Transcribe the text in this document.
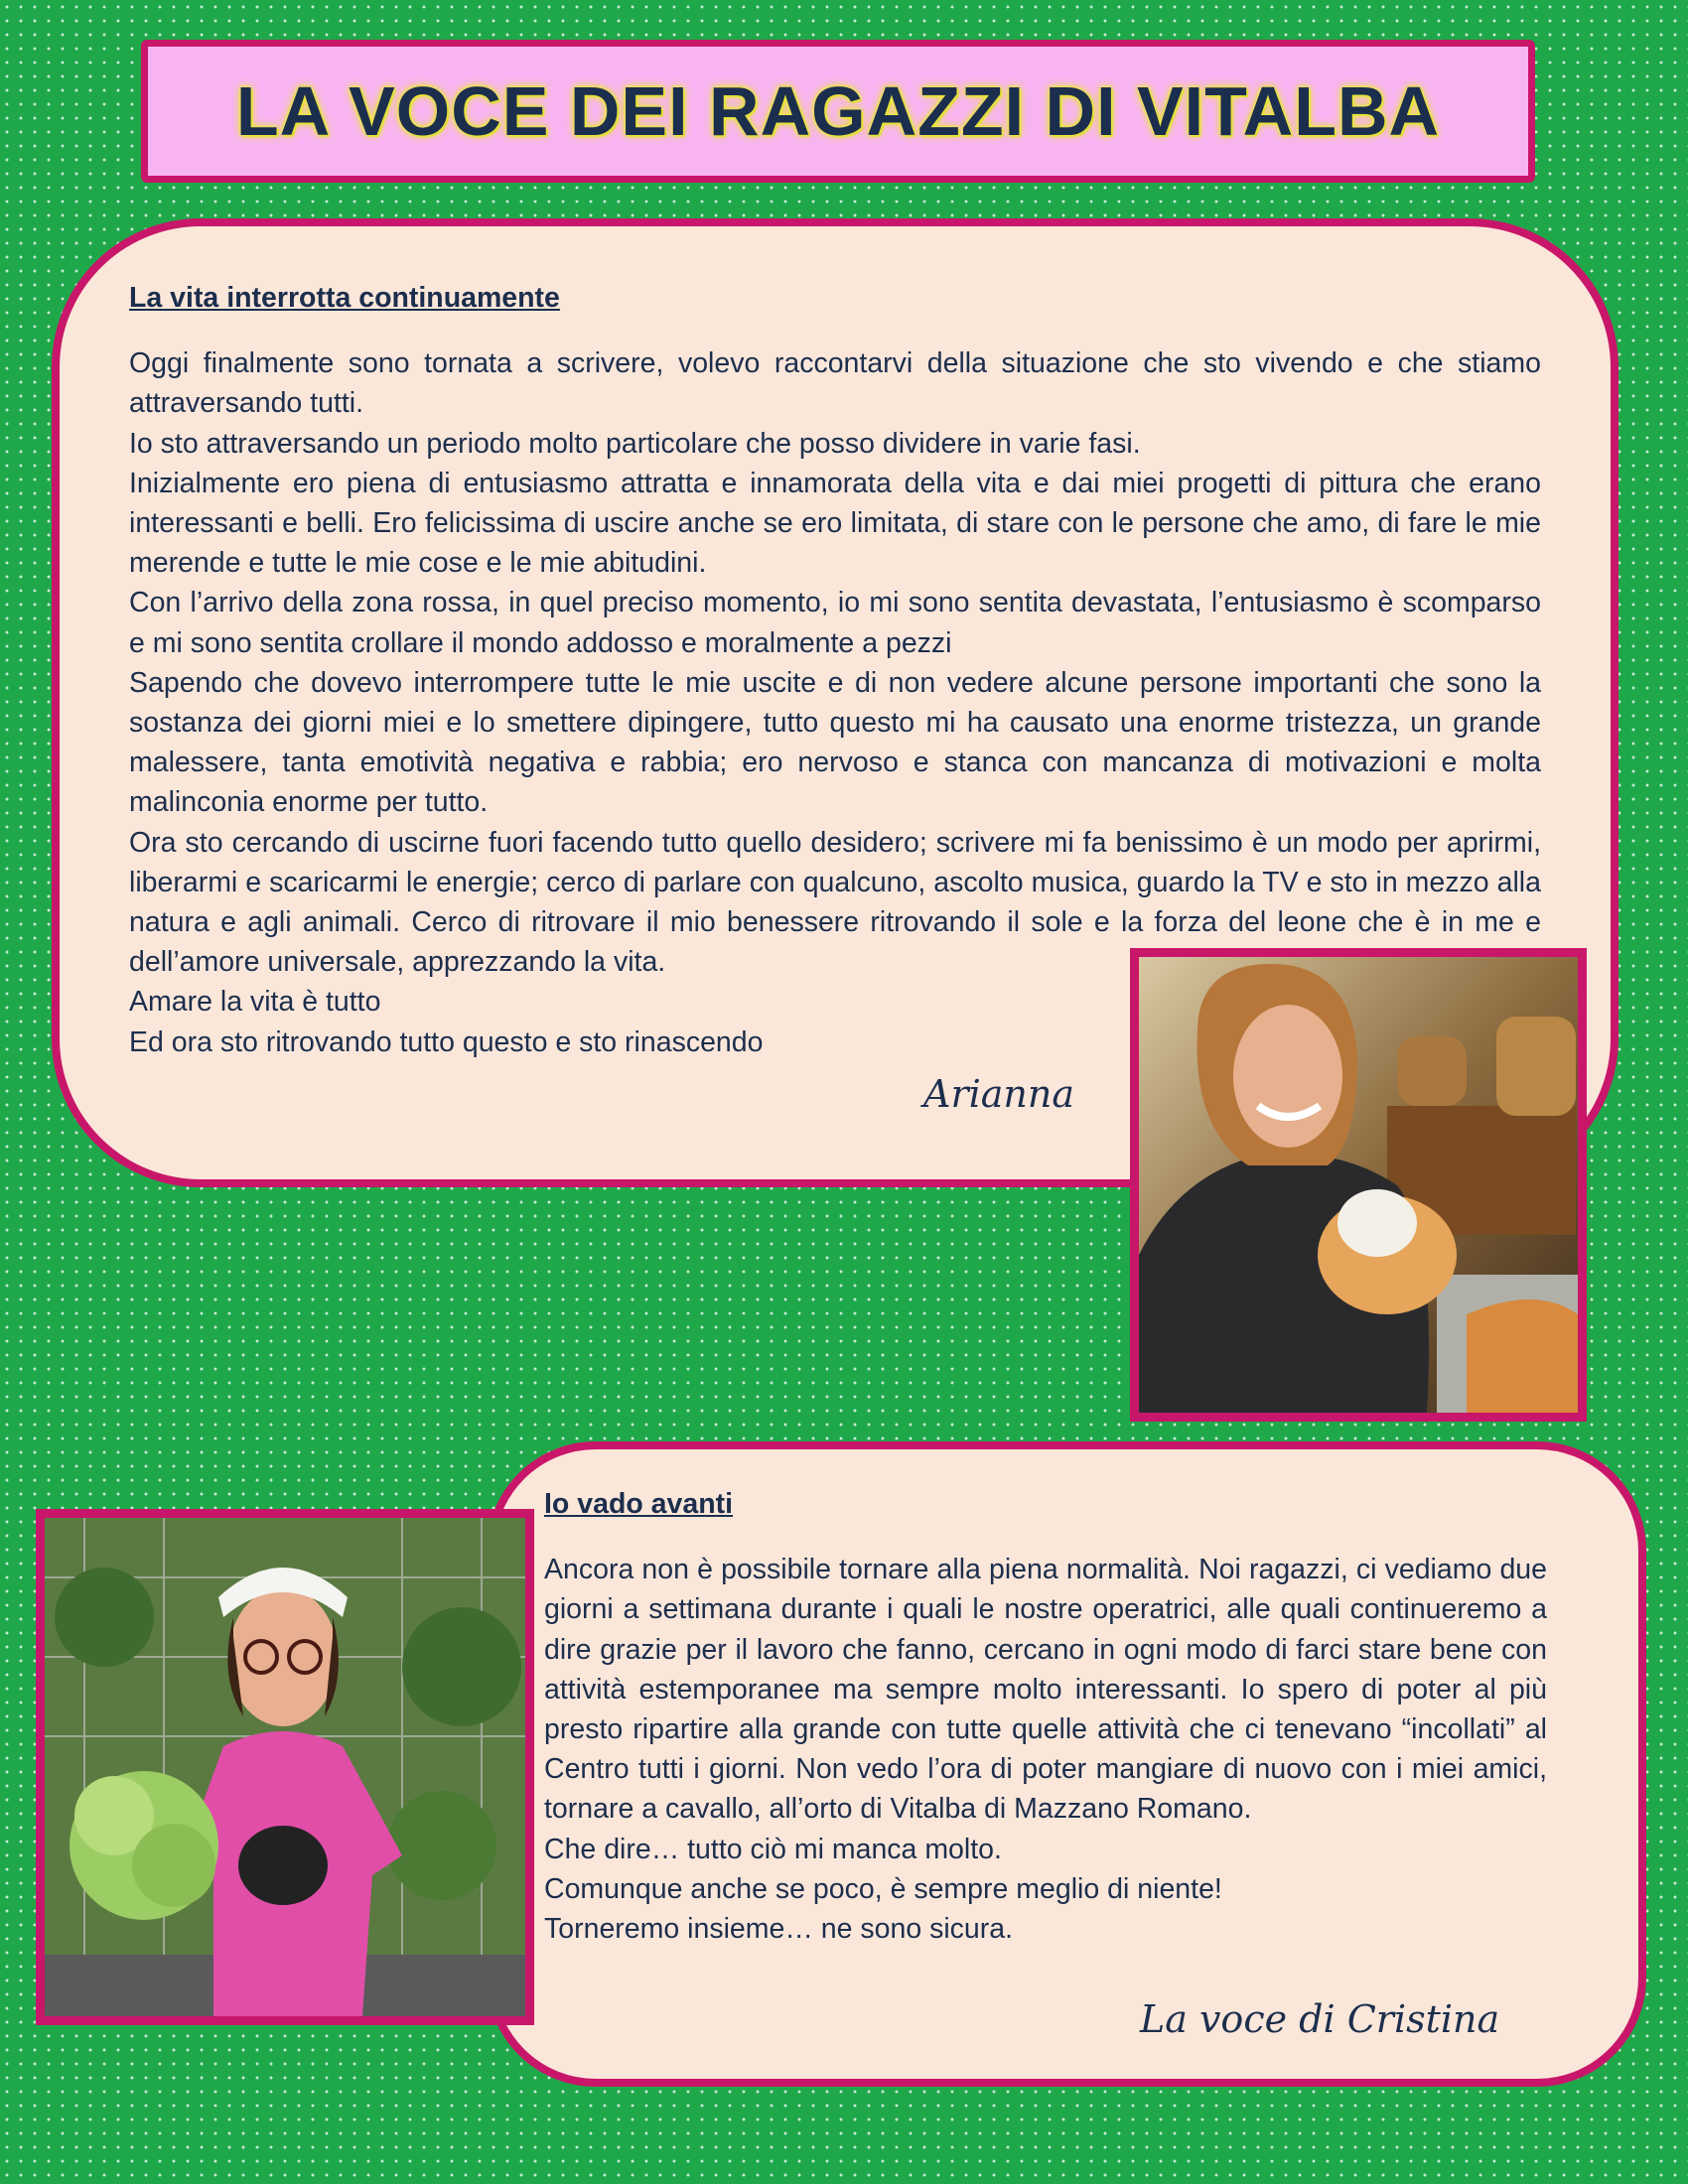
LA VOCE DEI RAGAZZI DI VITALBA
La vita interrotta continuamente

Oggi finalmente sono tornata a scrivere, volevo raccontarvi della situazione che sto vivendo e che stiamo attraversando tutti.

Io sto attraversando un periodo molto particolare che posso dividere in varie fasi.

Inizialmente ero piena di entusiasmo attratta e innamorata della vita e dai miei progetti di pittura che erano interessanti e belli. Ero felicissima di uscire anche se ero limitata, di stare con le persone che amo, di fare le mie merende e tutte le mie cose e le mie abitudini.

Con l’arrivo della zona rossa, in quel preciso momento, io mi sono sentita devastata, l’entusiasmo è scomparso e mi sono sentita crollare il mondo addosso e moralmente a pezzi

Sapendo che dovevo interrompere tutte le mie uscite e di non vedere alcune persone importanti che sono la sostanza dei giorni miei e lo smettere dipingere, tutto questo mi ha causato una enorme tristezza, un grande malessere, tanta emotività negativa e rabbia; ero nervoso e stanca con mancanza di motivazioni e molta malinconia enorme per tutto.

Ora sto cercando di uscirne fuori facendo tutto quello desidero; scrivere mi fa benissimo è un modo per aprirmi, liberarmi e scaricarmi le energie; cerco di parlare con qualcuno, ascolto musica, guardo la TV e sto in mezzo alla natura e agli animali. Cerco di ritrovare il mio benessere ritrovando il sole e la forza del leone che è in me e dell’amore universale, apprezzando la vita.

Amare la vita è tutto

Ed ora sto ritrovando tutto questo e sto rinascendo

Arianna
Io vado avanti

Ancora non è possibile tornare alla piena normalità. Noi ragazzi, ci vediamo due giorni a settimana durante i quali le nostre operatrici, alle quali continueremo a dire grazie per il lavoro che fanno, cercano in ogni modo di farci stare bene con attività estemporanee ma sempre molto interessanti. Io spero di poter al più presto ripartire alla grande con tutte quelle attività che ci tenevano “incollati” al Centro tutti i giorni. Non vedo l’ora di poter mangiare di nuovo con i miei amici, tornare a cavallo, all’orto di Vitalba di Mazzano Romano.

Che dire… tutto ciò mi manca molto.

Comunque anche se poco, è sempre meglio di niente!

Torneremo insieme… ne sono sicura.

La voce di Cristina
